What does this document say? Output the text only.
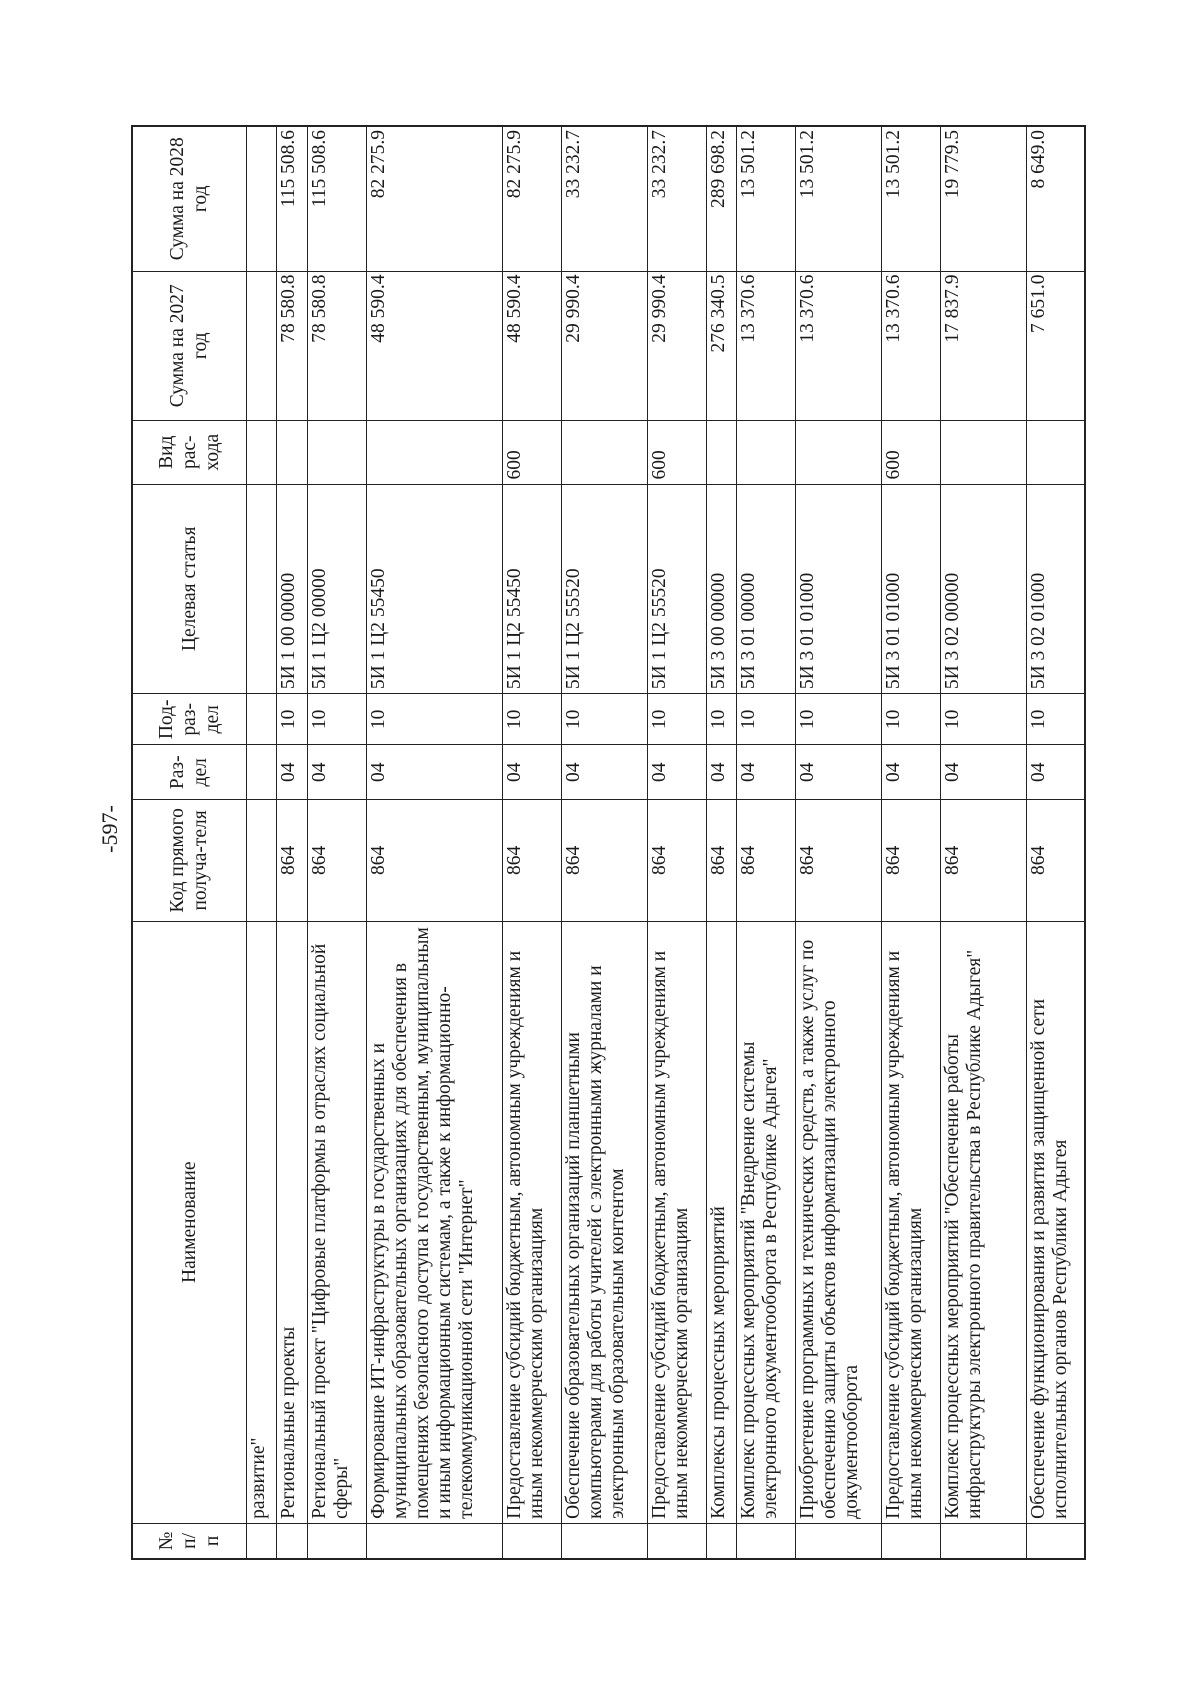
-597-
№ п/п	Наименование	Код прямого получа-теля	Раз-дел	Под-раз-дел	Целевая статья	Вид рас-хода	Сумма на 2027 год	Сумма на 2028 год
	развитие"							
	Региональные проекты	864	04	10	5И 1 00 00000		78 580.8	115 508.6
	Региональный проект "Цифровые платформы в отраслях социальной сферы"	864	04	10	5И 1 Ц2 00000		78 580.8	115 508.6
	Формирование ИТ-инфраструктуры в государственных и муниципальных образовательных организациях для обеспечения в помещениях безопасного доступа к государственным, муниципальным и иным информационным системам, а также к информационно-телекоммуникационной сети "Интернет"	864	04	10	5И 1 Ц2 55450		48 590.4	82 275.9
	Предоставление субсидий бюджетным, автономным учреждениям и иным некоммерческим организациям	864	04	10	5И 1 Ц2 55450	600	48 590.4	82 275.9
	Обеспечение образовательных организаций планшетными компьютерами для работы учителей с электронными журналами и электронным образовательным контентом	864	04	10	5И 1 Ц2 55520		29 990.4	33 232.7
	Предоставление субсидий бюджетным, автономным учреждениям и иным некоммерческим организациям	864	04	10	5И 1 Ц2 55520	600	29 990.4	33 232.7
	Комплексы процессных мероприятий	864	04	10	5И 3 00 00000		276 340.5	289 698.2
	Комплекс процессных мероприятий "Внедрение системы электронного документооборота в Республике Адыгея"	864	04	10	5И 3 01 00000		13 370.6	13 501.2
	Приобретение программных и технических средств, а также услуг по обеспечению защиты объектов информатизации электронного документооборота	864	04	10	5И 3 01 01000		13 370.6	13 501.2
	Предоставление субсидий бюджетным, автономным учреждениям и иным некоммерческим организациям	864	04	10	5И 3 01 01000	600	13 370.6	13 501.2
	Комплекс процессных мероприятий "Обеспечение работы инфраструктуры электронного правительства в Республике Адыгея"	864	04	10	5И 3 02 00000		17 837.9	19 779.5
	Обеспечение функционирования и развития защищенной сети исполнительных органов Республики Адыгея	864	04	10	5И 3 02 01000		7 651.0	8 649.0
